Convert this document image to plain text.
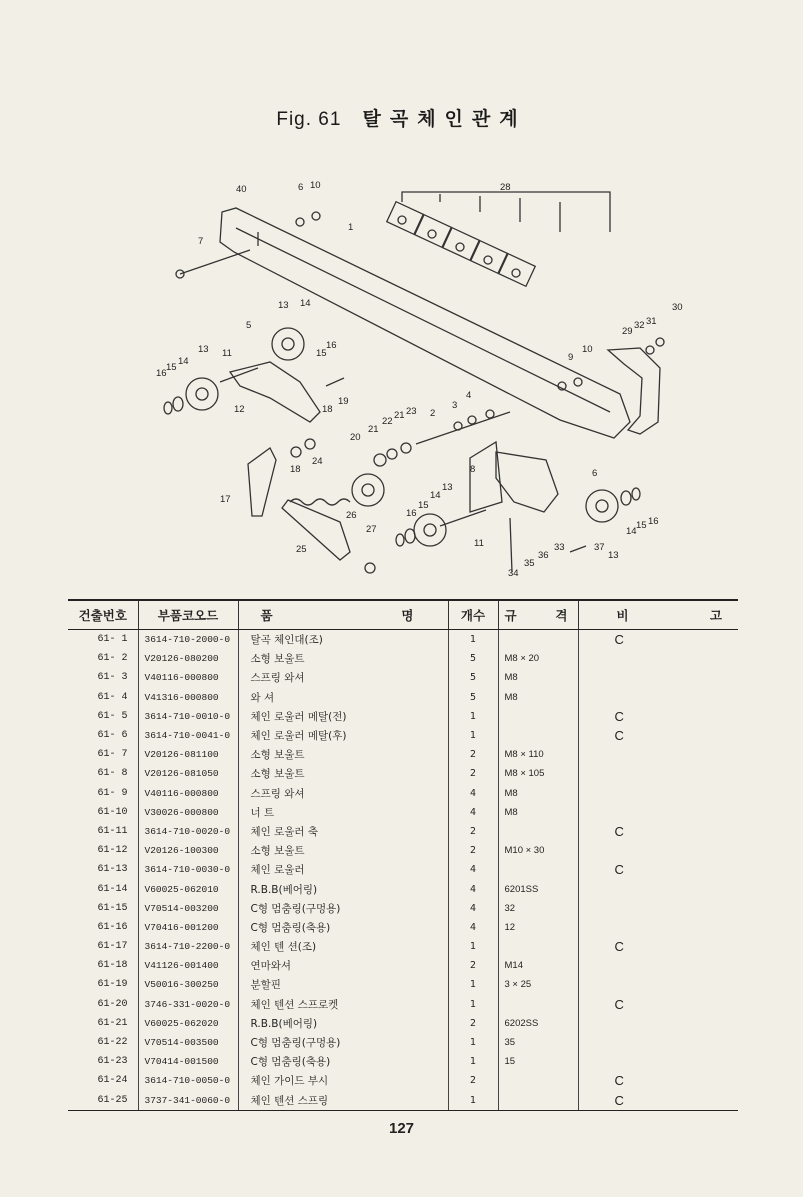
Fig. 61 탈곡체인관계
40	6 10	28
1
7
5
13 14
15
16
12
11
18
19
13
14
15
16
29
31
32
30
9
10
2
3
4
20
21
22
21 23
8	6
17
18
24
25
26
27
13
14
15
16
11
34
35
36
33	37
13
14
15 16
건출번호	부품코오드	품 명	개수	규 격	비 고

61- 1	3614-710-2000-0	탈곡 체인대(조)	1		C
61- 2	V20126-080200	소형 보울트	5	M8 × 20	
61- 3	V40116-000800	스프링 와셔	5	M8	
61- 4	V41316-000800	와 셔	5	M8	
61- 5	3614-710-0010-0	체인 로울러 메탈(전)	1		C
61- 6	3614-710-0041-0	체인 로울러 메탈(후)	1		C
61- 7	V20126-081100	소형 보울트	2	M8 × 110	
61- 8	V20126-081050	소형 보울트	2	M8 × 105	
61- 9	V40116-000800	스프링 와셔	4	M8	
61-10	V30026-000800	너 트	4	M8	
61-11	3614-710-0020-0	체인 로울러 축	2		C
61-12	V20126-100300	소형 보울트	2	M10 × 30	
61-13	3614-710-0030-0	체인 로울러	4		C
61-14	V60025-062010	R.B.B(베어링)	4	6201SS	
61-15	V70514-003200	C형 멈춤링(구멍용)	4	32	
61-16	V70416-001200	C형 멈춤링(축용)	4	12	
61-17	3614-710-2200-0	체인 텐 션(조)	1		C
61-18	V41126-001400	연마와셔	2	M14	
61-19	V50016-300250	분할핀	1	3 × 25	
61-20	3746-331-0020-0	체인 텐션 스프로켓	1		C
61-21	V60025-062020	R.B.B(베어링)	2	6202SS	
61-22	V70514-003500	C형 멈춤링(구멍용)	1	35	
61-23	V70414-001500	C형 멈춤링(축용)	1	15	
61-24	3614-710-0050-0	체인 가이드 부시	2		C
61-25	3737-341-0060-0	체인 텐션 스프링	1		C
127
